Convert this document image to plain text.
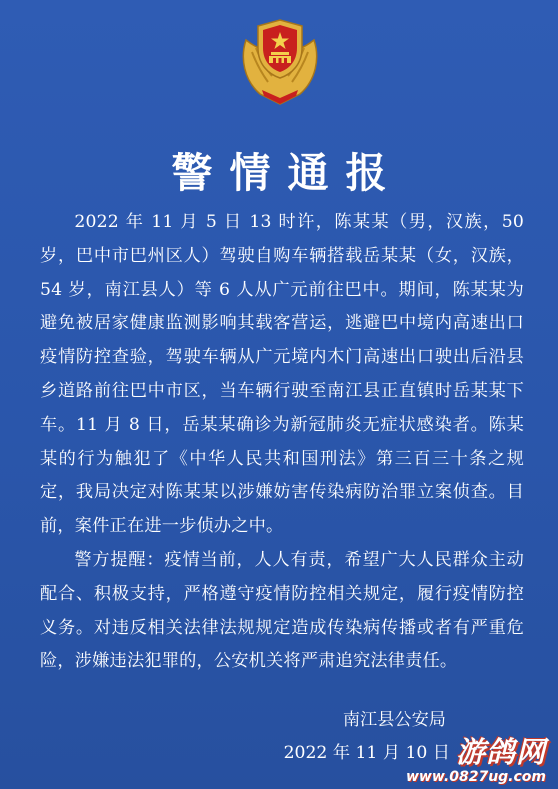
警情通报

2022 年 11 月 5 日 13 时许，陈某某（男，汉族，50 岁，巴中市巴州区人）驾驶自购车辆搭载岳某某（女，汉族，54 岁，南江县人）等 6 人从广元前往巴中。期间，陈某某为避免被居家健康监测影响其载客营运，逃避巴中境内高速出口疫情防控查验，驾驶车辆从广元境内木门高速出口驶出后沿县乡道路前往巴中市区，当车辆行驶至南江县正直镇时岳某某下车。11 月 8 日，岳某某确诊为新冠肺炎无症状感染者。陈某某的行为触犯了《中华人民共和国刑法》第三百三十条之规定，我局决定对陈某某以涉嫌妨害传染病防治罪立案侦查。目前，案件正在进一步侦办之中。

警方提醒：疫情当前，人人有责，希望广大人民群众主动配合、积极支持，严格遵守疫情防控相关规定，履行疫情防控义务。对违反相关法律法规规定造成传染病传播或者有严重危险，涉嫌违法犯罪的，公安机关将严肃追究法律责任。

南江县公安局
2022 年 11 月 10 日 游鸽网
www.0827ug.com
